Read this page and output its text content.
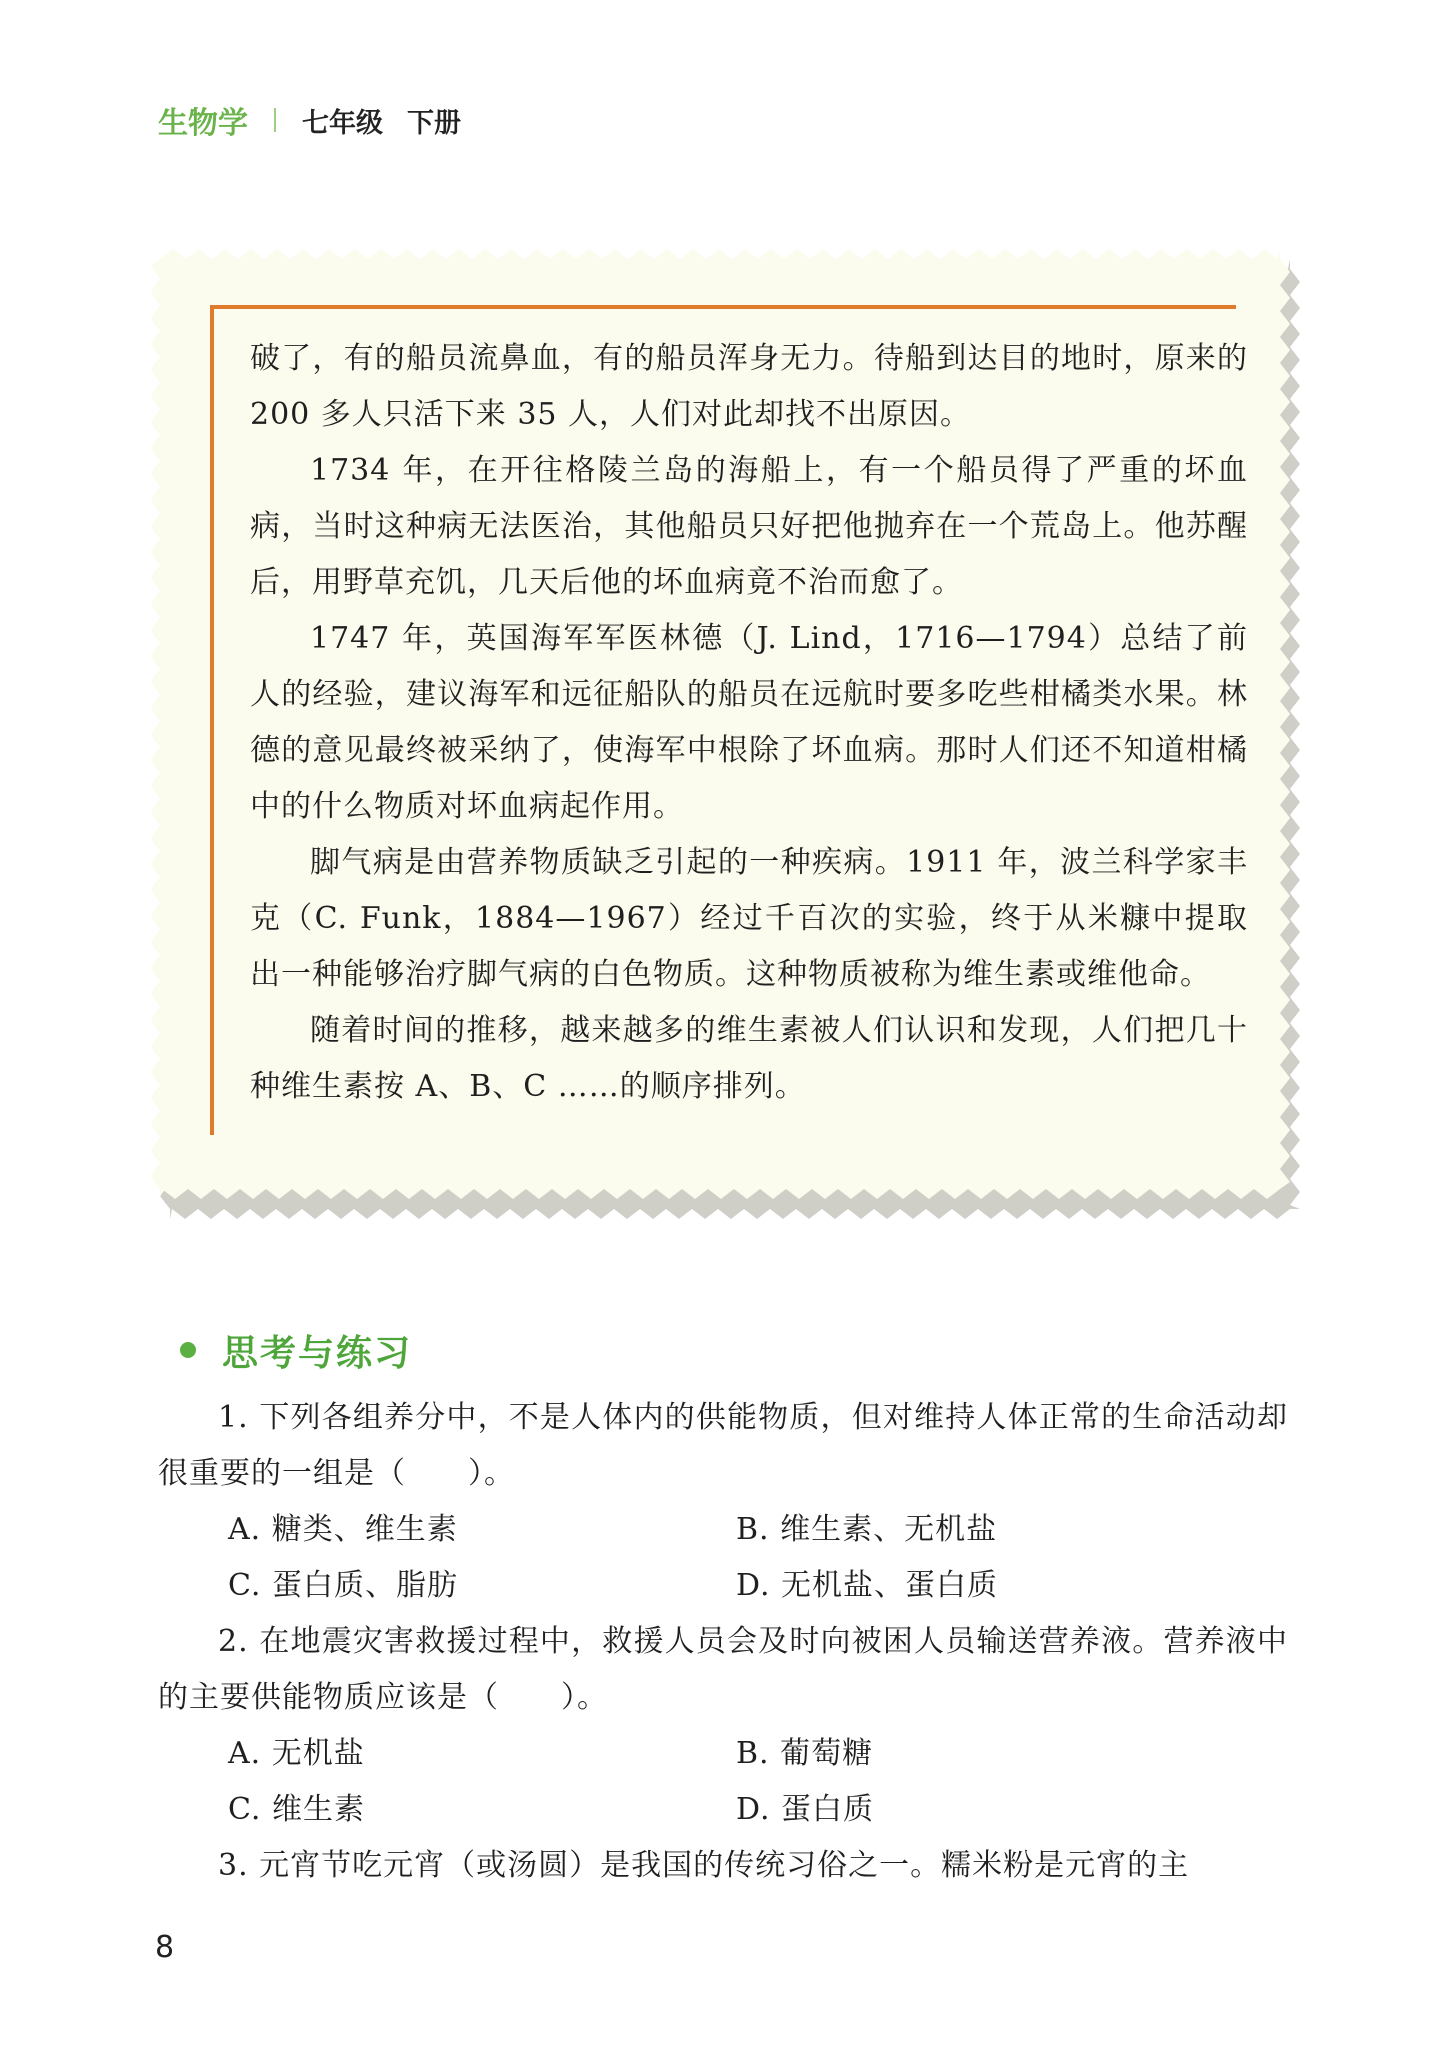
生物学 七年级 下册

破了，有的船员流鼻血，有的船员浑身无力。待船到达目的地时，原来的 200 多人只活下来 35 人，人们对此却找不出原因。

1734 年，在开往格陵兰岛的海船上，有一个船员得了严重的坏血病，当时这种病无法医治，其他船员只好把他抛弃在一个荒岛上。他苏醒后，用野草充饥，几天后他的坏血病竟不治而愈了。

1747 年，英国海军军医林德（J. Lind，1716—1794）总结了前人的经验，建议海军和远征船队的船员在远航时要多吃些柑橘类水果。林德的意见最终被采纳了，使海军中根除了坏血病。那时人们还不知道柑橘中的什么物质对坏血病起作用。

脚气病是由营养物质缺乏引起的一种疾病。1911 年，波兰科学家丰克（C. Funk，1884—1967）经过千百次的实验，终于从米糠中提取出一种能够治疗脚气病的白色物质。这种物质被称为维生素或维他命。

随着时间的推移，越来越多的维生素被人们认识和发现，人们把几十种维生素按 A、B、C ……的顺序排列。

思考与练习

1. 下列各组养分中，不是人体内的供能物质，但对维持人体正常的生命活动却很重要的一组是（　　）。

A. 糖类、维生素	B. 维生素、无机盐
C. 蛋白质、脂肪	D. 无机盐、蛋白质

2. 在地震灾害救援过程中，救援人员会及时向被困人员输送营养液。营养液中的主要供能物质应该是（　　）。

A. 无机盐	B. 葡萄糖
C. 维生素	D. 蛋白质

3. 元宵节吃元宵（或汤圆）是我国的传统习俗之一。糯米粉是元宵的主

8
